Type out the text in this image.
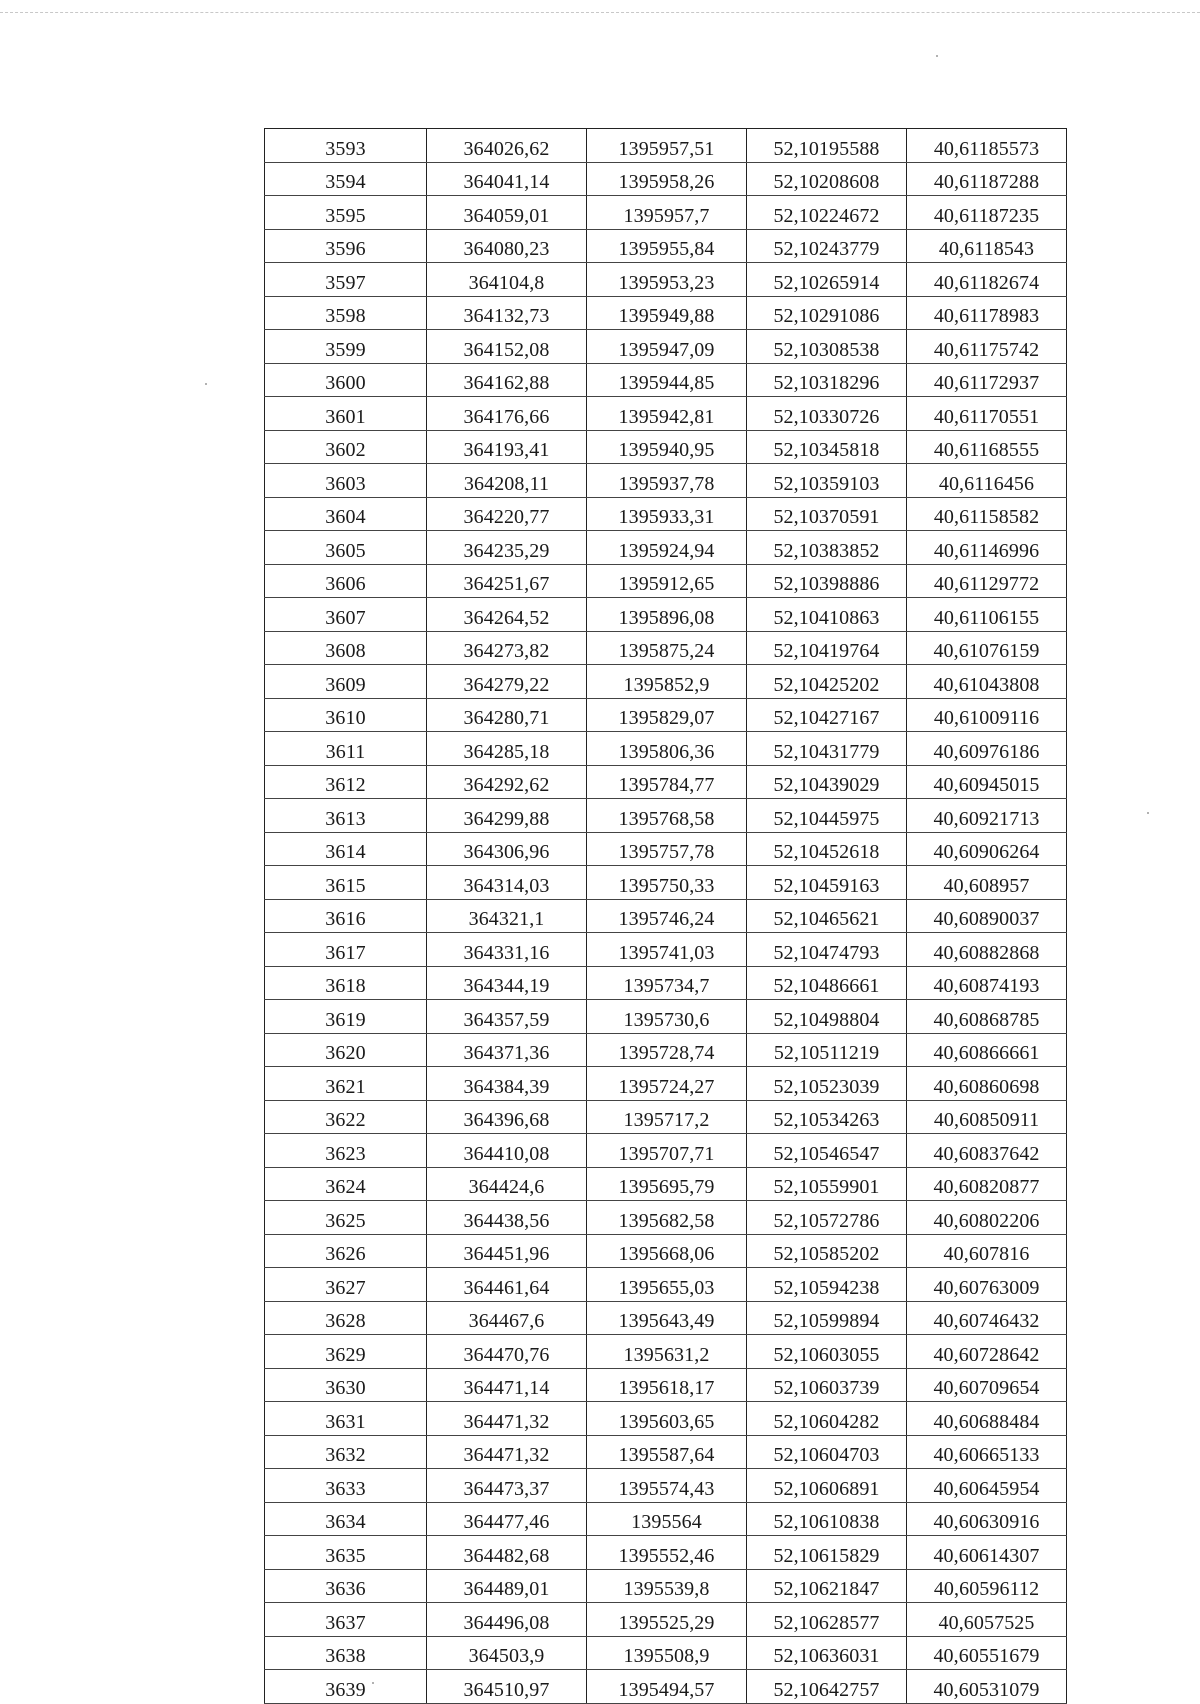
3593	364026,62	1395957,51	52,10195588	40,61185573
3594	364041,14	1395958,26	52,10208608	40,61187288
3595	364059,01	1395957,7	52,10224672	40,61187235
3596	364080,23	1395955,84	52,10243779	40,6118543
3597	364104,8	1395953,23	52,10265914	40,61182674
3598	364132,73	1395949,88	52,10291086	40,61178983
3599	364152,08	1395947,09	52,10308538	40,61175742
3600	364162,88	1395944,85	52,10318296	40,61172937
3601	364176,66	1395942,81	52,10330726	40,61170551
3602	364193,41	1395940,95	52,10345818	40,61168555
3603	364208,11	1395937,78	52,10359103	40,6116456
3604	364220,77	1395933,31	52,10370591	40,61158582
3605	364235,29	1395924,94	52,10383852	40,61146996
3606	364251,67	1395912,65	52,10398886	40,61129772
3607	364264,52	1395896,08	52,10410863	40,61106155
3608	364273,82	1395875,24	52,10419764	40,61076159
3609	364279,22	1395852,9	52,10425202	40,61043808
3610	364280,71	1395829,07	52,10427167	40,61009116
3611	364285,18	1395806,36	52,10431779	40,60976186
3612	364292,62	1395784,77	52,10439029	40,60945015
3613	364299,88	1395768,58	52,10445975	40,60921713
3614	364306,96	1395757,78	52,10452618	40,60906264
3615	364314,03	1395750,33	52,10459163	40,608957
3616	364321,1	1395746,24	52,10465621	40,60890037
3617	364331,16	1395741,03	52,10474793	40,60882868
3618	364344,19	1395734,7	52,10486661	40,60874193
3619	364357,59	1395730,6	52,10498804	40,60868785
3620	364371,36	1395728,74	52,10511219	40,60866661
3621	364384,39	1395724,27	52,10523039	40,60860698
3622	364396,68	1395717,2	52,10534263	40,60850911
3623	364410,08	1395707,71	52,10546547	40,60837642
3624	364424,6	1395695,79	52,10559901	40,60820877
3625	364438,56	1395682,58	52,10572786	40,60802206
3626	364451,96	1395668,06	52,10585202	40,607816
3627	364461,64	1395655,03	52,10594238	40,60763009
3628	364467,6	1395643,49	52,10599894	40,60746432
3629	364470,76	1395631,2	52,10603055	40,60728642
3630	364471,14	1395618,17	52,10603739	40,60709654
3631	364471,32	1395603,65	52,10604282	40,60688484
3632	364471,32	1395587,64	52,10604703	40,60665133
3633	364473,37	1395574,43	52,10606891	40,60645954
3634	364477,46	1395564	52,10610838	40,60630916
3635	364482,68	1395552,46	52,10615829	40,60614307
3636	364489,01	1395539,8	52,10621847	40,60596112
3637	364496,08	1395525,29	52,10628577	40,6057525
3638	364503,9	1395508,9	52,10636031	40,60551679
3639	364510,97	1395494,57	52,10642757	40,60531079
